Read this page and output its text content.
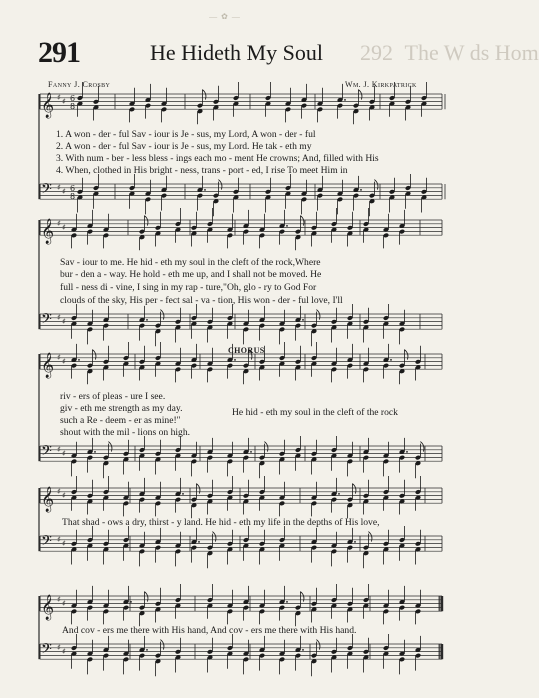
— ✿ —
291	He Hideth My Soul 292 The W ds Hom
Fanny J. Crosby	Wm. J. Kirkpatrick
𝄞 ♯ ♯ 6
8
𝄢 ♯ ♯ 6
8
𝄞 ♯ ♯
𝄢 ♯ ♯
𝄞 ♯ ♯
𝄢 ♯ ♯
𝄞 ♯ ♯
𝄢 ♯ ♯
𝄞 ♯ ♯
𝄢 ♯ ♯
CHORUS
1. A won - der - ful Sav - iour is Je - sus, my Lord, A won - der - ful
2. A won - der - ful Sav - iour is Je - sus, my Lord. He tak - eth my
3. With num - ber - less bless - ings each mo - ment He crowns; And, filled with His
4. When, clothed in His bright - ness, trans - port - ed, I rise To meet Him in
Sav - iour to me. He hid - eth my soul in the cleft of the rock,Where
bur - den a - way. He hold - eth me up, and I shall not be moved. He
full - ness di - vine, I sing in my rap - ture,"Oh, glo - ry to God For
clouds of the sky, His per - fect sal - va - tion, His won - der - ful love, I'll
riv - ers of pleas - ure I see.
giv - eth me strength as my day.
such a Re - deem - er as mine!"
shout with the mil - lions on high.
He hid - eth my soul in the cleft of the rock
That shad - ows a dry, thirst - y land. He hid - eth my life in the depths of His love,
And cov - ers me there with His hand, And cov - ers me there with His hand.
